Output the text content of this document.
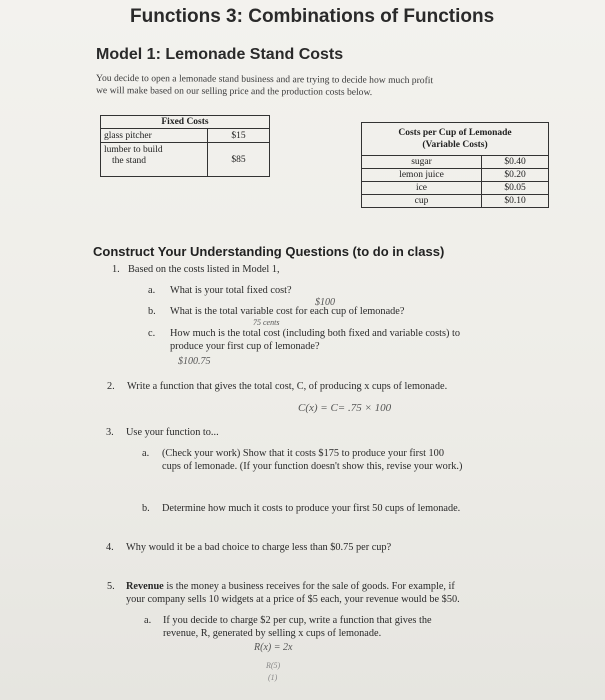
Functions 3: Combinations of Functions
Model 1: Lemonade Stand Costs
You decide to open a lemonade stand business and are trying to decide how much profit
we will make based on our selling price and the production costs below.
Fixed Costs	
glass pitcher	$15
lumber to build
the stand	$85
Costs per Cup of Lemonade
(Variable Costs)	
sugar	$0.40
lemon juice	$0.20
ice	$0.05
cup	$0.10
Construct Your Understanding Questions (to do in class)
1. Based on the costs listed in Model 1,
a. What is your total fixed cost?
$100
b. What is the total variable cost for each cup of lemonade?
75 cents
c. How much is the total cost (including both fixed and variable costs) to
produce your first cup of lemonade?
$100.75
2. Write a function that gives the total cost, C, of producing x cups of lemonade.
C(x) = C= .75 × 100
3. Use your function to...
a. (Check your work) Show that it costs $175 to produce your first 100
cups of lemonade. (If your function doesn't show this, revise your work.)
b. Determine how much it costs to produce your first 50 cups of lemonade.
4. Why would it be a bad choice to charge less than $0.75 per cup?
5. Revenue is the money a business receives for the sale of goods. For example, if
your company sells 10 widgets at a price of $5 each, your revenue would be $50.
a. If you decide to charge $2 per cup, write a function that gives the
revenue, R, generated by selling x cups of lemonade.
R(x) = 2x
R(5)
(1)
